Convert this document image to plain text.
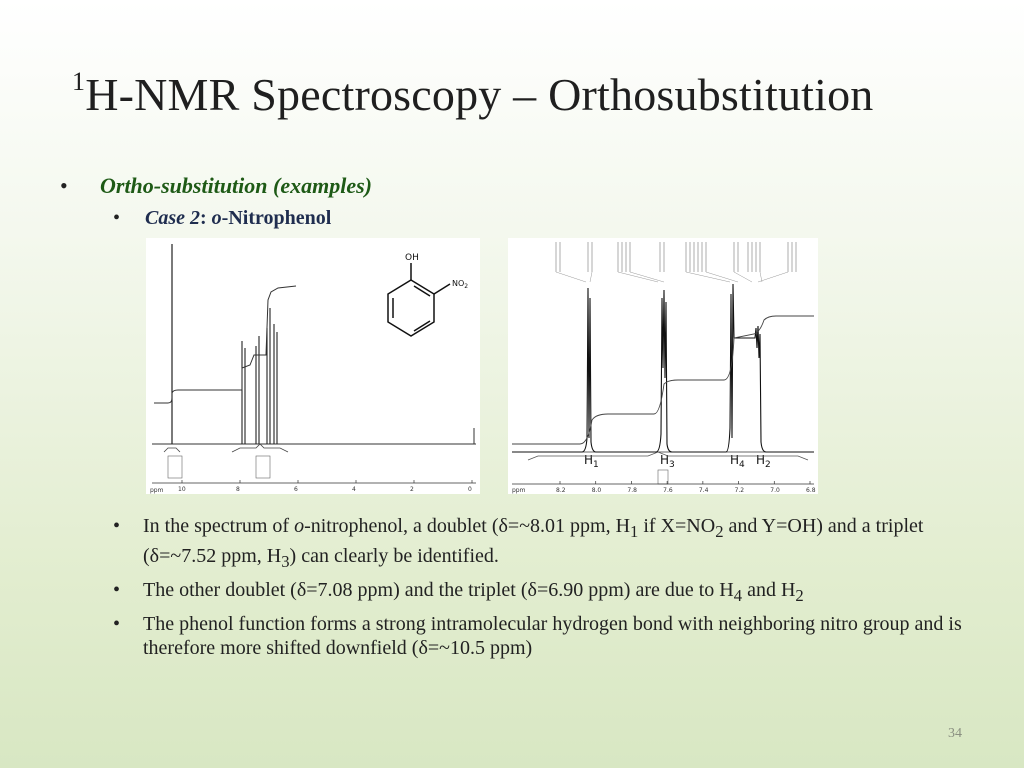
$^1$H-NMR Spectroscopy – Orthosubstitution
• Ortho-substitution (examples)
•	Case 2: o-Nitrophenol
OH
$NO_2$
ppm 10	8	6	4	2	0
$H_1$	$H_3$	$H_4$ $H_2$
ppm	8.2	8.0	7.8	7.6	7.4	7.2	7.0	6.8
•	In the spectrum of o-nitrophenol, a doublet (δ=~8.01 ppm, $H_1$ if $X=NO_2$ and Y=OH) and a triplet (δ=~7.52 ppm, $H_3$) can clearly be identified.
•	The other doublet (δ=7.08 ppm) and the triplet (δ=6.90 ppm) are due to $H_4$ and $H_2$
•	The phenol function forms a strong intramolecular hydrogen bond with neighboring nitro group and is therefore more shifted downfield (δ=~10.5 ppm)
34
